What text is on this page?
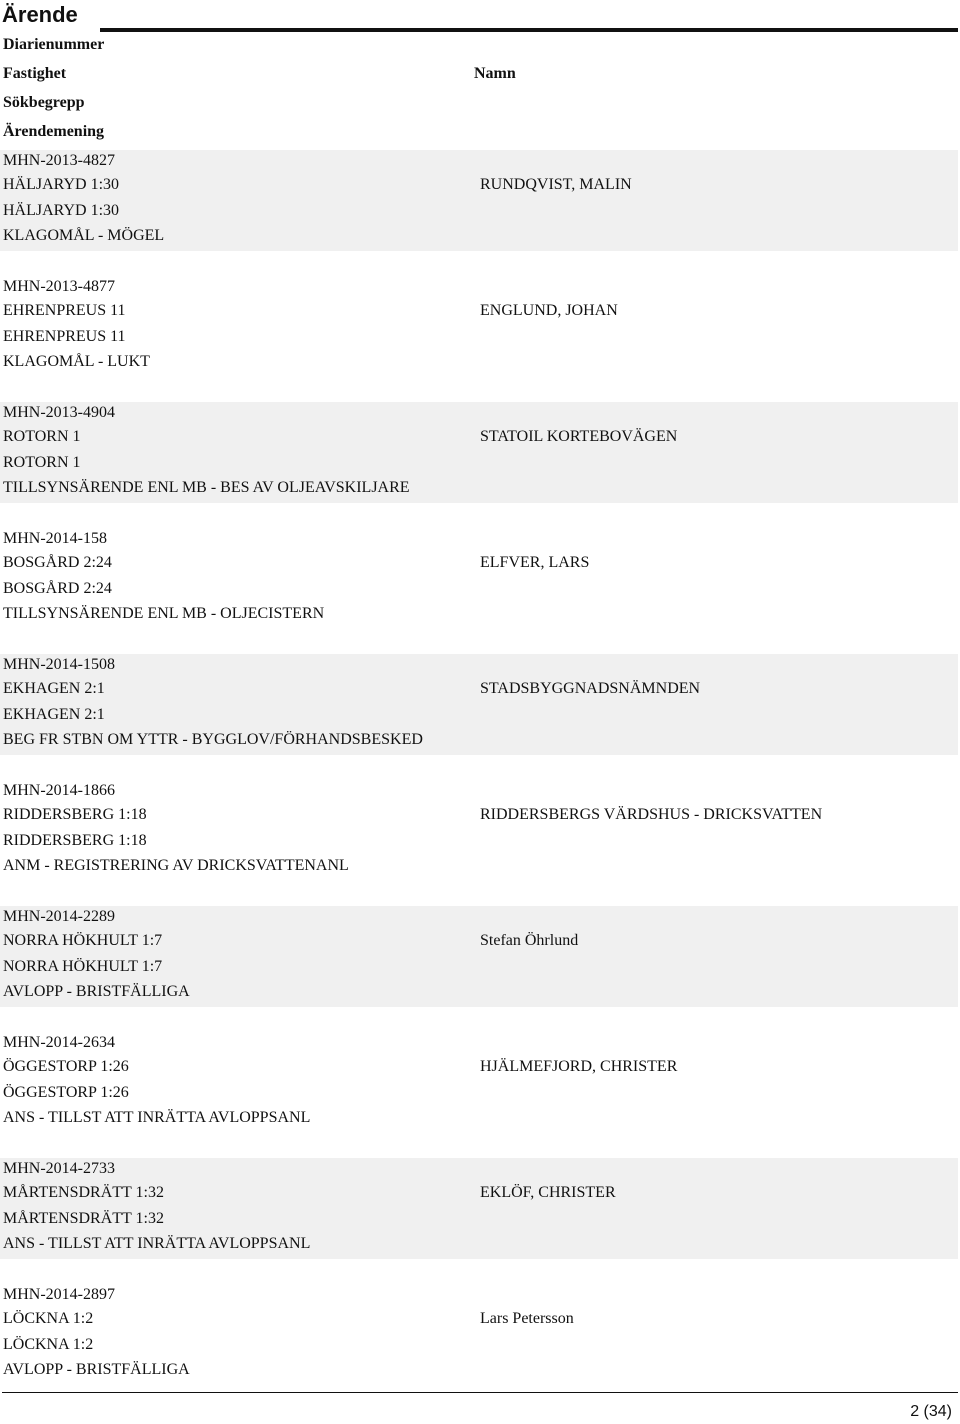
Ärende
Diarienummer
Fastighet	Namn
Sökbegrepp
Ärendemening
MHN-2013-4827
HÄLJARYD 1:30
HÄLJARYD 1:30
KLAGOMÅL - MÖGEL
RUNDQVIST, MALIN
MHN-2013-4877
EHRENPREUS 11
EHRENPREUS 11
KLAGOMÅL - LUKT
ENGLUND, JOHAN
MHN-2013-4904
ROTORN 1
ROTORN 1
TILLSYNSÄRENDE ENL MB - BES AV OLJEAVSKILJARE
STATOIL KORTEBOVÄGEN
MHN-2014-158
BOSGÅRD 2:24
BOSGÅRD 2:24
TILLSYNSÄRENDE ENL MB - OLJECISTERN
ELFVER, LARS
MHN-2014-1508
EKHAGEN 2:1
EKHAGEN 2:1
BEG FR STBN OM YTTR - BYGGLOV/FÖRHANDSBESKED
STADSBYGGNADSNÄMNDEN
MHN-2014-1866
RIDDERSBERG 1:18
RIDDERSBERG 1:18
ANM - REGISTRERING AV DRICKSVATTENANL
RIDDERSBERGS VÄRDSHUS - DRICKSVATTEN
MHN-2014-2289
NORRA HÖKHULT 1:7
NORRA HÖKHULT 1:7
AVLOPP - BRISTFÄLLIGA
Stefan Öhrlund
MHN-2014-2634
ÖGGESTORP 1:26
ÖGGESTORP 1:26
ANS - TILLST ATT INRÄTTA AVLOPPSANL
HJÄLMEFJORD, CHRISTER
MHN-2014-2733
MÅRTENSDRÄTT 1:32
MÅRTENSDRÄTT 1:32
ANS - TILLST ATT INRÄTTA AVLOPPSANL
EKLÖF, CHRISTER
MHN-2014-2897
LÖCKNA 1:2
LÖCKNA 1:2
AVLOPP - BRISTFÄLLIGA
Lars Petersson
2 (34)
